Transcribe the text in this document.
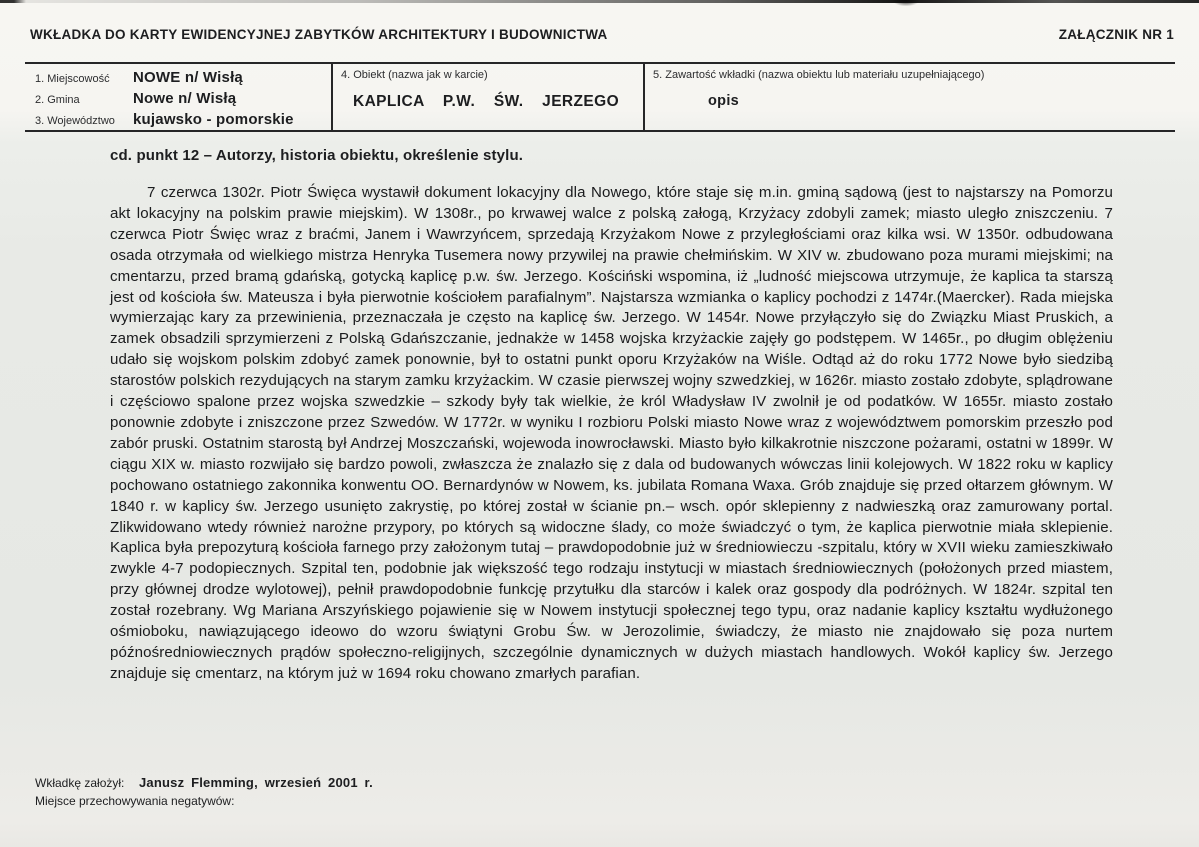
WKŁADKA DO KARTY EWIDENCYJNEJ ZABYTKÓW ARCHITEKTURY I BUDOWNICTWA	ZAŁĄCZNIK NR 1
1. Miejscowość	NOWE n/ Wisłą
2. Gmina	Nowe n/ Wisłą
3. Województwo	kujawsko - pomorskie
4. Obiekt (nazwa jak w karcie)
KAPLICA P.W. ŚW. JERZEGO
5. Zawartość wkładki (nazwa obiektu lub materiału uzupełniającego)
opis
cd. punkt 12 – Autorzy, historia obiektu, określenie stylu.

7 czerwca 1302r. Piotr Święca wystawił dokument lokacyjny dla Nowego, które staje się m.in. gminą sądową (jest to najstarszy na Pomorzu akt lokacyjny na polskim prawie miejskim). W 1308r., po krwawej walce z polską załogą, Krzyżacy zdobyli zamek; miasto uległo zniszczeniu. 7 czerwca Piotr Święc wraz z braćmi, Janem i Wawrzyńcem, sprzedają Krzyżakom Nowe z przyległościami oraz kilka wsi. W 1350r. odbudowana osada otrzymała od wielkiego mistrza Henryka Tusemera nowy przywilej na prawie chełmińskim. W XIV w. zbudowano poza murami miejskimi; na cmentarzu, przed bramą gdańską, gotycką kaplicę p.w. św. Jerzego. Kościński wspomina, iż „ludność miejscowa utrzymuje, że kaplica ta starszą jest od kościoła św. Mateusza i była pierwotnie kościołem parafialnym”. Najstarsza wzmianka o kaplicy pochodzi z 1474r.(Maercker). Rada miejska wymierzając kary za przewinienia, przeznaczała je często na kaplicę św. Jerzego. W 1454r. Nowe przyłączyło się do Związku Miast Pruskich, a zamek obsadzili sprzymierzeni z Polską Gdańszczanie, jednakże w 1458 wojska krzyżackie zajęły go podstępem. W 1465r., po długim oblężeniu udało się wojskom polskim zdobyć zamek ponownie, był to ostatni punkt oporu Krzyżaków na Wiśle. Odtąd aż do roku 1772 Nowe było siedzibą starostów polskich rezydujących na starym zamku krzyżackim. W czasie pierwszej wojny szwedzkiej, w 1626r. miasto zostało zdobyte, splądrowane i częściowo spalone przez wojska szwedzkie – szkody były tak wielkie, że król Władysław IV zwolnił je od podatków. W 1655r. miasto zostało ponownie zdobyte i zniszczone przez Szwedów. W 1772r. w wyniku I rozbioru Polski miasto Nowe wraz z województwem pomorskim przeszło pod zabór pruski. Ostatnim starostą był Andrzej Moszczański, wojewoda inowrocławski. Miasto było kilkakrotnie niszczone pożarami, ostatni w 1899r. W ciągu XIX w. miasto rozwijało się bardzo powoli, zwłaszcza że znalazło się z dala od budowanych wówczas linii kolejowych. W 1822 roku w kaplicy pochowano ostatniego zakonnika konwentu OO. Bernardynów w Nowem, ks. jubilata Romana Waxa. Grób znajduje się przed ołtarzem głównym. W 1840 r. w kaplicy św. Jerzego usunięto zakrystię, po której został w ścianie pn.– wsch. opór sklepienny z nadwieszką oraz zamurowany portal. Zlikwidowano wtedy również narożne przypory, po których są widoczne ślady, co może świadczyć o tym, że kaplica pierwotnie miała sklepienie. Kaplica była prepozyturą kościoła farnego przy założonym tutaj – prawdopodobnie już w średniowieczu -szpitalu, który w XVII wieku zamieszkiwało zwykle 4-7 podopiecznych. Szpital ten, podobnie jak większość tego rodzaju instytucji w miastach średniowiecznych (położonych przed miastem, przy głównej drodze wylotowej), pełnił prawdopodobnie funkcję przytułku dla starców i kalek oraz gospody dla podróżnych. W 1824r. szpital ten został rozebrany. Wg Mariana Arszyńskiego pojawienie się w Nowem instytucji społecznej tego typu, oraz nadanie kaplicy kształtu wydłużonego ośmioboku, nawiązującego ideowo do wzoru świątyni Grobu Św. w Jerozolimie, świadczy, że miasto nie znajdowało się poza nurtem późnośredniowiecznych prądów społeczno-religijnych, szczególnie dynamicznych w dużych miastach handlowych. Wokół kaplicy św. Jerzego znajduje się cmentarz, na którym już w 1694 roku chowano zmarłych parafian.

Wkładkę założył:	Janusz Flemming, wrzesień 2001 r.
Miejsce przechowywania negatywów:
